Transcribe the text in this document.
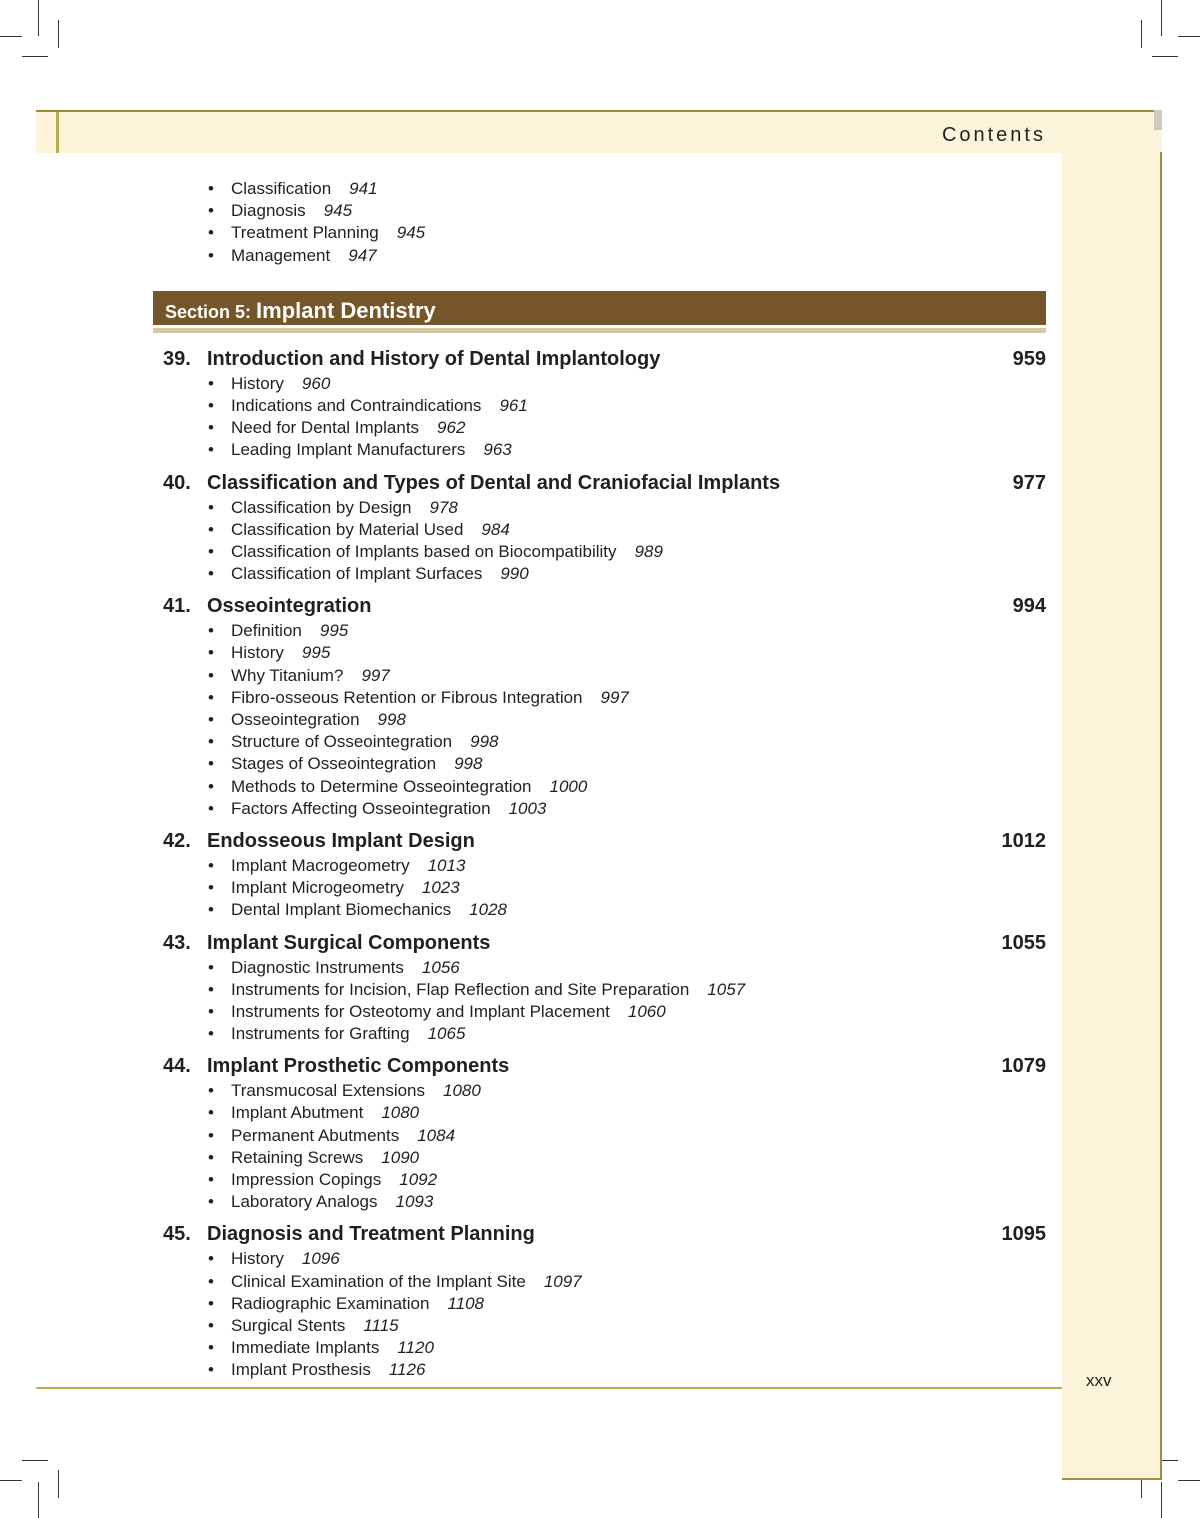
Contents
xxv
• Classification 941
• Diagnosis 945
• Treatment Planning 945
• Management 947
Section 5: Implant Dentistry
39. Introduction and History of Dental Implantology	959
• History 960
• Indications and Contraindications 961
• Need for Dental Implants 962
• Leading Implant Manufacturers 963
40. Classification and Types of Dental and Craniofacial Implants	977
• Classification by Design 978
• Classification by Material Used 984
• Classification of Implants based on Biocompatibility 989
• Classification of Implant Surfaces 990
41. Osseointegration	994
• Definition 995
• History 995
• Why Titanium? 997
• Fibro-osseous Retention or Fibrous Integration 997
• Osseointegration 998
• Structure of Osseointegration 998
• Stages of Osseointegration 998
• Methods to Determine Osseointegration 1000
• Factors Affecting Osseointegration 1003
42. Endosseous Implant Design	1012
• Implant Macrogeometry 1013
• Implant Microgeometry 1023
• Dental Implant Biomechanics 1028
43. Implant Surgical Components	1055
• Diagnostic Instruments 1056
• Instruments for Incision, Flap Reflection and Site Preparation 1057
• Instruments for Osteotomy and Implant Placement 1060
• Instruments for Grafting 1065
44. Implant Prosthetic Components	1079
• Transmucosal Extensions 1080
• Implant Abutment 1080
• Permanent Abutments 1084
• Retaining Screws 1090
• Impression Copings 1092
• Laboratory Analogs 1093
45. Diagnosis and Treatment Planning	1095
• History 1096
• Clinical Examination of the Implant Site 1097
• Radiographic Examination 1108
• Surgical Stents 1115
• Immediate Implants 1120
• Implant Prosthesis 1126
